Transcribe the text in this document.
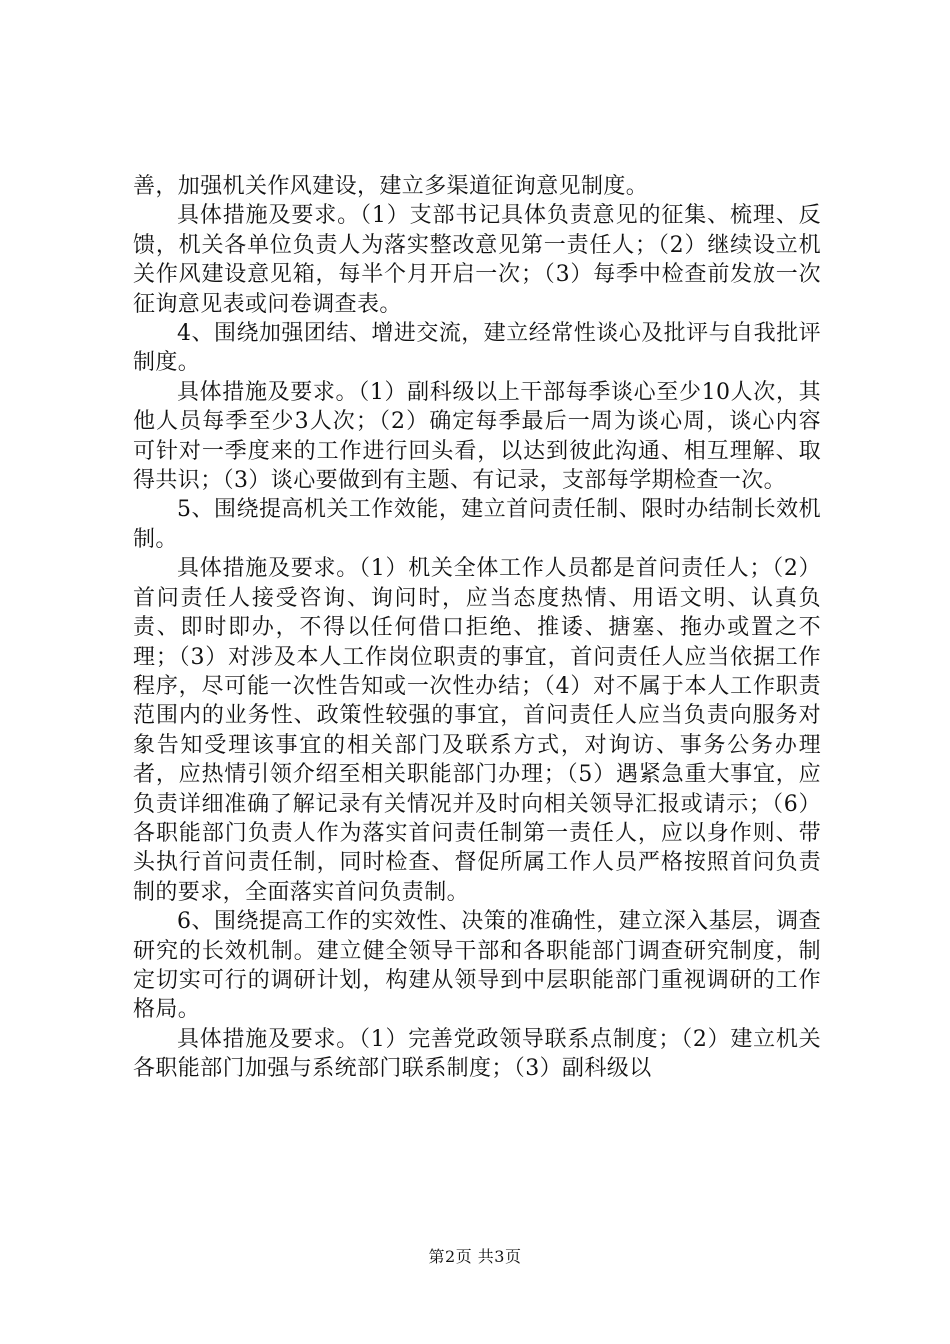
善，加强机关作风建设，建立多渠道征询意见制度。

具体措施及要求。（1）支部书记具体负责意见的征集、梳理、反馈，机关各单位负责人为落实整改意见第一责任人；（2）继续设立机关作风建设意见箱，每半个月开启一次；（3）每季中检查前发放一次征询意见表或问卷调查表。

4、围绕加强团结、增进交流，建立经常性谈心及批评与自我批评制度。

具体措施及要求。（1）副科级以上干部每季谈心至少10人次，其他人员每季至少3人次；（2）确定每季最后一周为谈心周，谈心内容可针对一季度来的工作进行回头看，以达到彼此沟通、相互理解、取得共识；（3）谈心要做到有主题、有记录，支部每学期检查一次。

5、围绕提高机关工作效能，建立首问责任制、限时办结制长效机制。

具体措施及要求。（1）机关全体工作人员都是首问责任人；（2）首问责任人接受咨询、询问时，应当态度热情、用语文明、认真负责、即时即办，不得以任何借口拒绝、推诿、搪塞、拖办或置之不理；（3）对涉及本人工作岗位职责的事宜，首问责任人应当依据工作程序，尽可能一次性告知或一次性办结；（4）对不属于本人工作职责范围内的业务性、政策性较强的事宜，首问责任人应当负责向服务对象告知受理该事宜的相关部门及联系方式，对询访、事务公务办理者，应热情引领介绍至相关职能部门办理；（5）遇紧急重大事宜，应负责详细准确了解记录有关情况并及时向相关领导汇报或请示；（6）各职能部门负责人作为落实首问责任制第一责任人，应以身作则、带头执行首问责任制，同时检查、督促所属工作人员严格按照首问负责制的要求，全面落实首问负责制。

6、围绕提高工作的实效性、决策的准确性，建立深入基层，调查研究的长效机制。建立健全领导干部和各职能部门调查研究制度，制定切实可行的调研计划，构建从领导到中层职能部门重视调研的工作格局。

具体措施及要求。（1）完善党政领导联系点制度；（2）建立机关各职能部门加强与系统部门联系制度；（3）副科级以

第2页 共3页
